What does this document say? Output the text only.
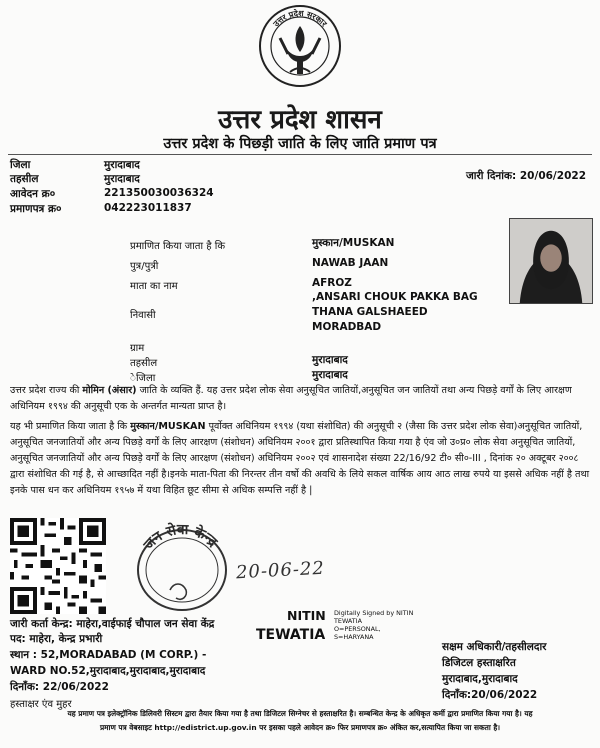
उत्तर प्रदेश सरकार
उत्तर प्रदेश शासन
उत्तर प्रदेश के पिछड़ी जाति के लिए जाति प्रमाण पत्र
जिला	मुरादाबाद
तहसील	मुरादाबाद
आवेदन क्र०	221350030036324
प्रमाणपत्र क्र०	042223011837
जारी दिनांक: 20/06/2022
प्रमाणित किया जाता है कि	मुस्कान/MUSKAN
पुत्र/पुत्री	NAWAB JAAN
माता का नाम	AFROZ
निवासी
,ANSARI CHOUK PAKKA BAG
THANA GALSHAEED
MORADBAD
ग्राम
तहसील	मुरादाबाद
ेजिला	मुरादाबाद
उत्तर प्रदेश राज्य की मोमिन (अंसार) जाति के व्यक्ति हैं. यह उत्तर प्रदेश लोक सेवा अनुसूचित जातियों,अनुसूचित जन जातियों तथा अन्य पिछड़े वर्गों के लिए आरक्षण अधिनियम १९९४ की अनुसूची एक के अन्तर्गत मान्यता प्राप्त है।
यह भी प्रमाणित किया जाता है कि मुस्कान/MUSKAN पूर्वोक्त अधिनियम १९९४ (यथा संशोधित) की अनुसूची २ (जैसा कि उत्तर प्रदेश लोक सेवा)अनुसूचित जातियों, अनुसूचित जनजातियों और अन्य पिछड़े वर्गों के लिए आरक्षण (संशोधन) अधिनियम २००१ द्वारा प्रतिस्थापित किया गया है एंव जो उ०प्र० लोक सेवा अनुसूचित जातियों, अनुसूचित जनजातियों और अन्य पिछड़े वर्गों के लिए आरक्षण (संशोधन) अधिनियम २००२ एवं शासनादेश संख्या 22/16/92 टी० सी०-III , दिनांक २० अक्टूबर २००८ द्वारा संशोधित की गई है, से आच्छादित नहीं है।इनके माता-पिता की निरन्तर तीन वर्षो की अवधि के लिये सकल वार्षिक आय आठ लाख रुपये या इससे अधिक नहीं है तथा इनके पास धन कर अधिनियम १९५७ में यथा विहित छूट सीमा से अधिक सम्पत्ति नहीं है |
जन सेवा केन्द्र
20-06-22
जारी कर्ता केन्द्र: माहेरा,वाईफाई चौपाल जन सेवा केंद्र
पद: माहेरा, केन्द्र प्रभारी
स्थान : 52,MORADABAD (M CORP.) -
WARD NO.52,मुरादाबाद,मुरादाबाद,मुरादाबाद
दिनाँक: 22/06/2022
हस्ताक्षर एंव मुहर
NITIN
TEWATIA
Digitally Signed by NITIN
TEWATIA
O=PERSONAL,
S=HARYANA
सक्षम अधिकारी/तहसीलदार
डिजिटल हस्ताक्षरित
मुरादाबाद,मुरादाबाद
दिनाँक:20/06/2022
यह प्रमाण पत्र इलेक्ट्रॉनिक डिलिवरी सिस्टम द्वारा तैयार किया गया है तथा डिजिटल सिग्नेचर से हस्ताक्षरित है। सम्बन्धित केन्द्र के अधिकृत कर्मी द्वारा प्रमाणित किया गया है। यह
प्रमाण पत्र वेबसाइट http://edistrict.up.gov.in पर इसका पहले आवेदन क्र० फिर प्रमाणपत्र क्र० अंकित कर,सत्यापित किया जा सकता है।
